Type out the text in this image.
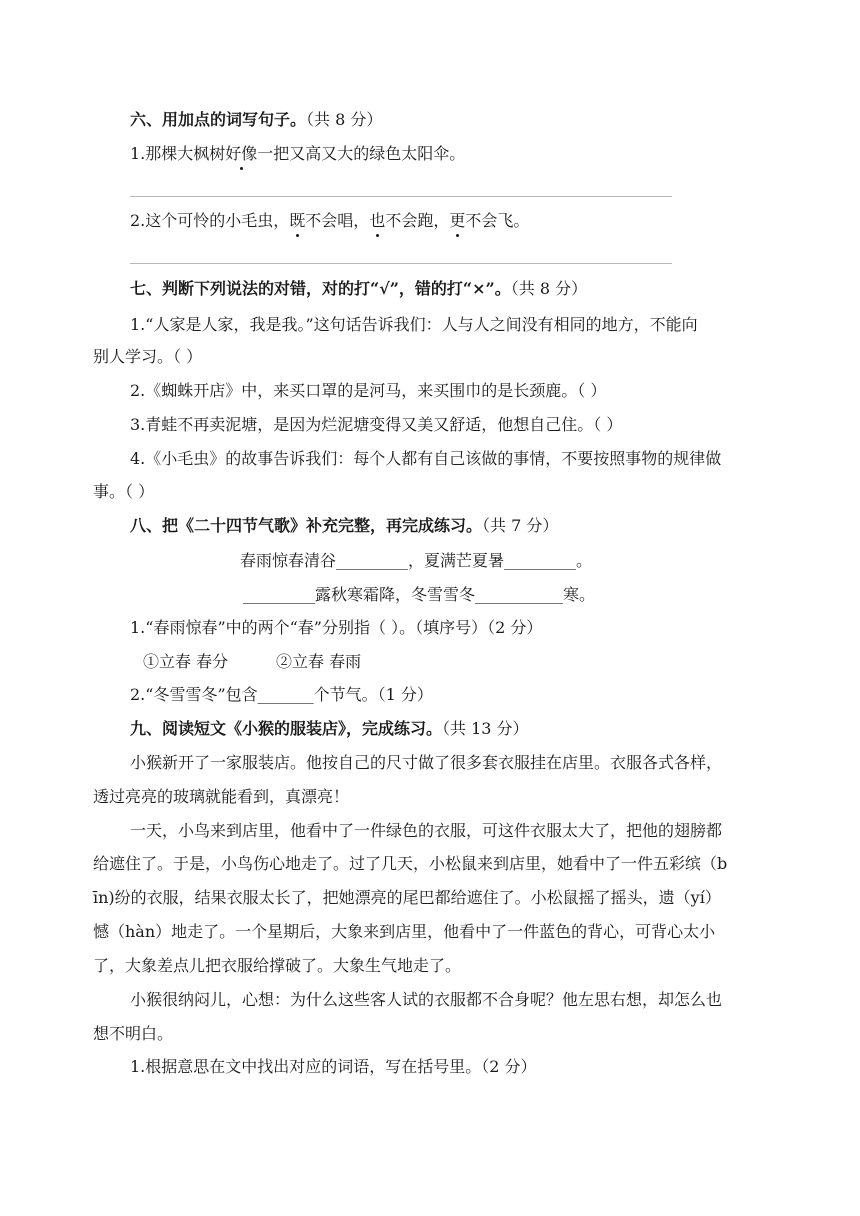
六、用加点的词写句子。（共 8 分）
1.那棵大枫树好像一把又高又大的绿色太阳伞。
2.这个可怜的小毛虫，既不会唱，也不会跑，更不会飞。
七、判断下列说法的对错，对的打“√”，错的打“×”。（共 8 分）
1.“人家是人家，我是我。”这句话告诉我们：人与人之间没有相同的地方，不能向
别人学习。（ ）
2.《蜘蛛开店》中，来买口罩的是河马，来买围巾的是长颈鹿。（ ）
3.青蛙不再卖泥塘，是因为烂泥塘变得又美又舒适，他想自己住。（ ）
4.《小毛虫》的故事告诉我们：每个人都有自己该做的事情，不要按照事物的规律做
事。（ ）
八、把《二十四节气歌》补充完整，再完成练习。（共 7 分）
春雨惊春清谷_________，夏满芒夏暑_________。
_________露秋寒霜降，冬雪雪冬___________寒。
1.“春雨惊春”中的两个“春”分别指（ ）。（填序号）（2 分）
①立春 春分	②立春 春雨
2.“冬雪雪冬”包含_______个节气。（1 分）
九、阅读短文《小猴的服装店》，完成练习。（共 13 分）
小猴新开了一家服装店。他按自己的尺寸做了很多套衣服挂在店里。衣服各式各样，
透过亮亮的玻璃就能看到，真漂亮！
一天，小鸟来到店里，他看中了一件绿色的衣服，可这件衣服太大了，把他的翅膀都
给遮住了。于是，小鸟伤心地走了。过了几天，小松鼠来到店里，她看中了一件五彩缤（b
īn)纷的衣服，结果衣服太长了，把她漂亮的尾巴都给遮住了。小松鼠摇了摇头，遗（yí）
憾（hàn）地走了。一个星期后，大象来到店里，他看中了一件蓝色的背心，可背心太小
了，大象差点儿把衣服给撑破了。大象生气地走了。
小猴很纳闷儿，心想：为什么这些客人试的衣服都不合身呢？他左思右想，却怎么也
想不明白。
1.根据意思在文中找出对应的词语，写在括号里。（2 分）
